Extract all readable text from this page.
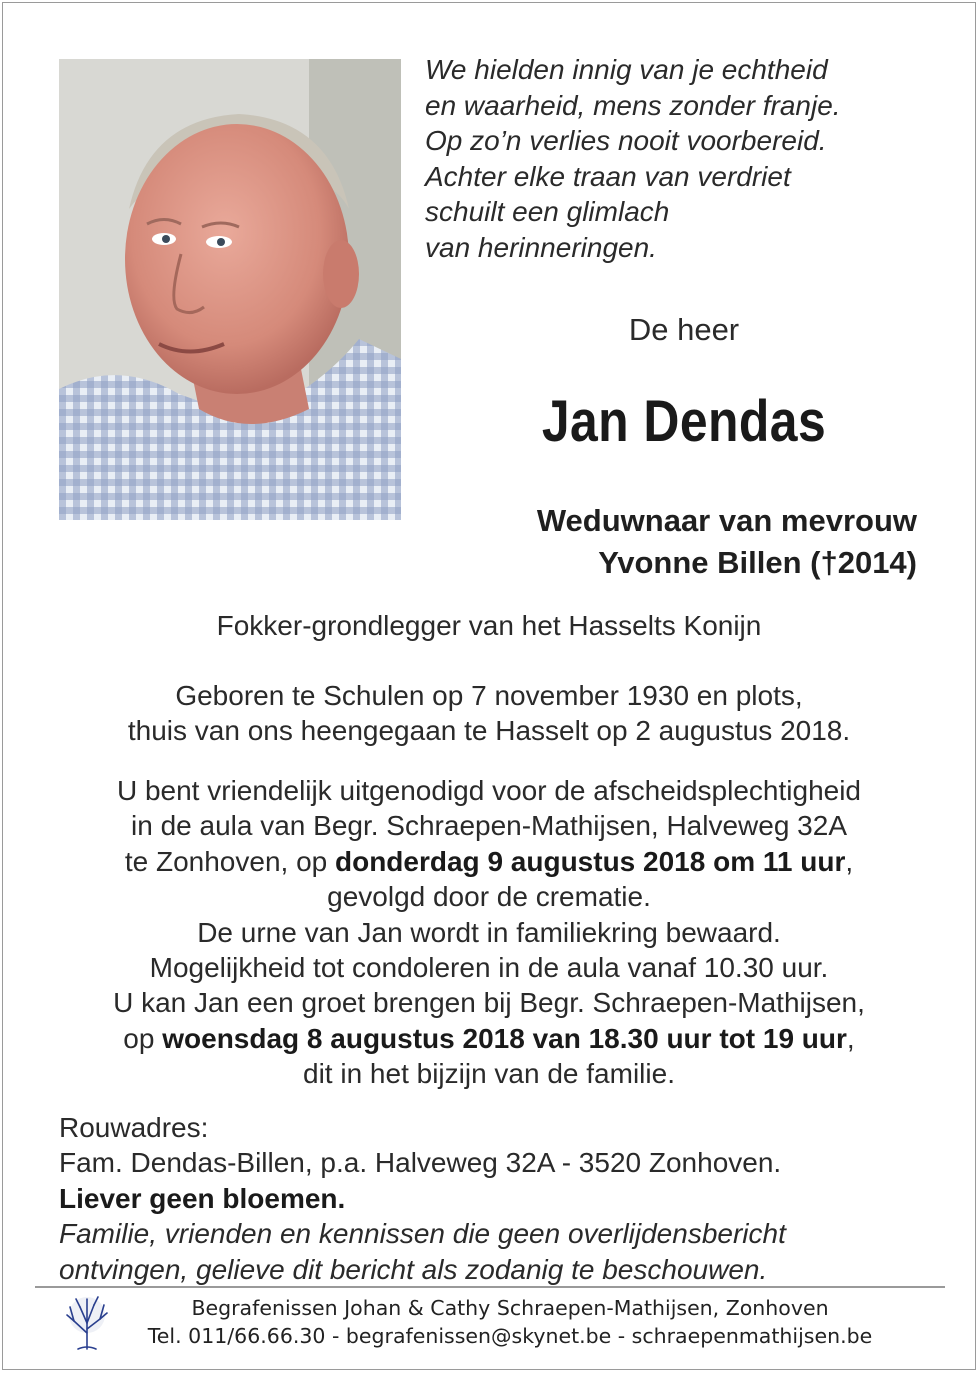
We hielden innig van je echtheid
en waarheid, mens zonder franje.
Op zo’n verlies nooit voorbereid.
Achter elke traan van verdriet
schuilt een glimlach
van herinneringen.
De heer
Jan Dendas
Weduwnaar van mevrouw
Yvonne Billen (†2014)
Fokker-grondlegger van het Hasselts Konijn
Geboren te Schulen op 7 november 1930 en plots,
thuis van ons heengegaan te Hasselt op 2 augustus 2018.
U bent vriendelijk uitgenodigd voor de afscheidsplechtigheid
in de aula van Begr. Schraepen-Mathijsen, Halveweg 32A
te Zonhoven, op donderdag 9 augustus 2018 om 11 uur,
gevolgd door de crematie.
De urne van Jan wordt in familiekring bewaard.
Mogelijkheid tot condoleren in de aula vanaf 10.30 uur.
U kan Jan een groet brengen bij Begr. Schraepen-Mathijsen,
op woensdag 8 augustus 2018 van 18.30 uur tot 19 uur,
dit in het bijzijn van de familie.
Rouwadres:
Fam. Dendas-Billen, p.a. Halveweg 32A - 3520 Zonhoven.
Liever geen bloemen.
Familie, vrienden en kennissen die geen overlijdensbericht
ontvingen, gelieve dit bericht als zodanig te beschouwen.
Begrafenissen Johan & Cathy Schraepen-Mathijsen, Zonhoven
Tel. 011/66.66.30 - begrafenissen@skynet.be - schraepenmathijsen.be
